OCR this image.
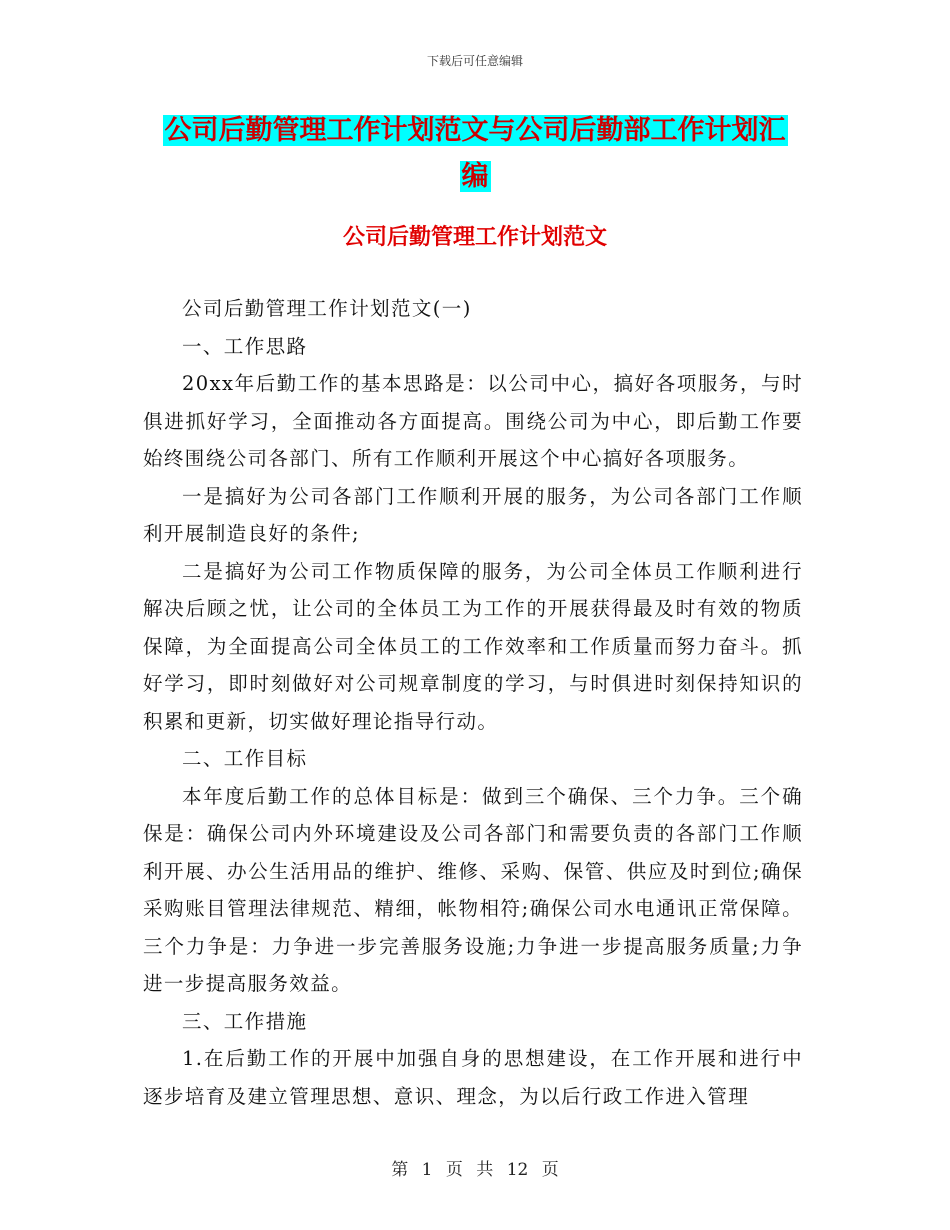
下载后可任意编辑
公司后勤管理工作计划范文与公司后勤部工作计划汇
编
公司后勤管理工作计划范文

公司后勤管理工作计划范文(一)

一、工作思路

20xx年后勤工作的基本思路是：以公司中心，搞好各项服务，与时俱进抓好学习，全面推动各方面提高。围绕公司为中心，即后勤工作要始终围绕公司各部门、所有工作顺利开展这个中心搞好各项服务。

一是搞好为公司各部门工作顺利开展的服务，为公司各部门工作顺利开展制造良好的条件;

二是搞好为公司工作物质保障的服务，为公司全体员工作顺利进行解决后顾之忧，让公司的全体员工为工作的开展获得最及时有效的物质保障，为全面提高公司全体员工的工作效率和工作质量而努力奋斗。抓好学习，即时刻做好对公司规章制度的学习，与时俱进时刻保持知识的积累和更新，切实做好理论指导行动。

二、工作目标

本年度后勤工作的总体目标是：做到三个确保、三个力争。三个确保是：确保公司内外环境建设及公司各部门和需要负责的各部门工作顺利开展、办公生活用品的维护、维修、采购、保管、供应及时到位;确保采购账目管理法律规范、精细，帐物相符;确保公司水电通讯正常保障。三个力争是：力争进一步完善服务设施;力争进一步提高服务质量;力争进一步提高服务效益。

三、工作措施

1.在后勤工作的开展中加强自身的思想建设，在工作开展和进行中逐步培育及建立管理思想、意识、理念，为以后行政工作进入管理

第 1 页 共 12 页
